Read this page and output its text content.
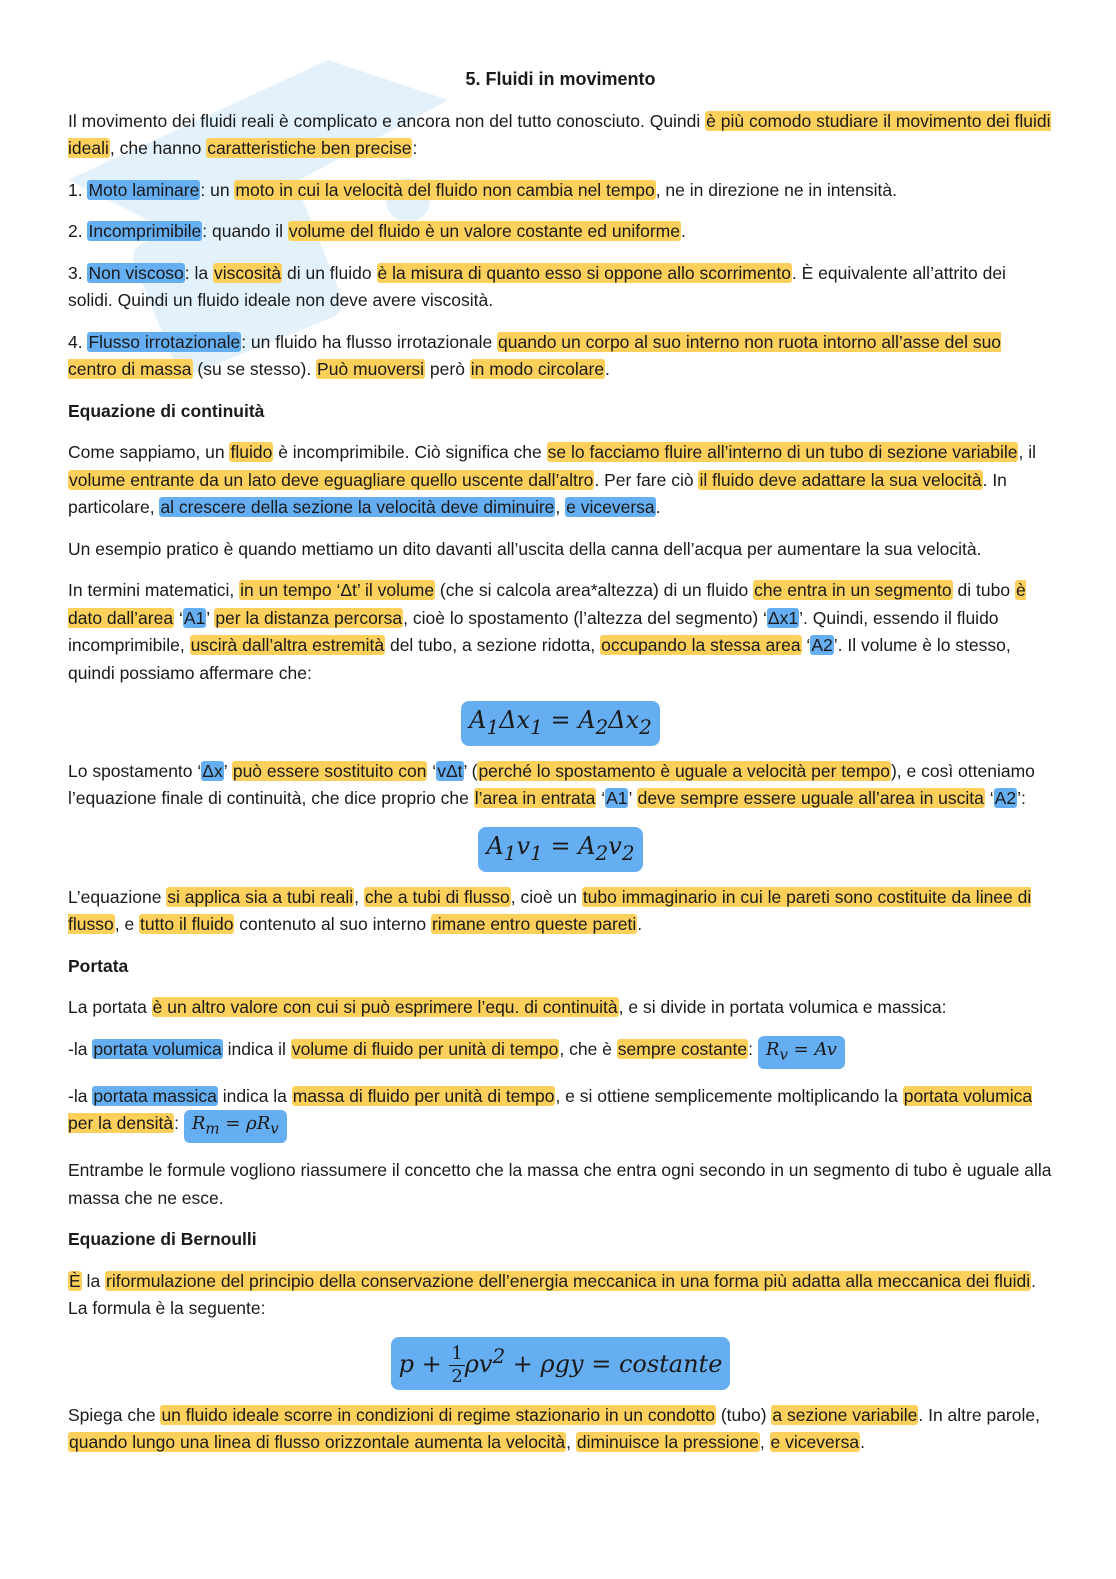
5. Fluidi in movimento

Il movimento dei fluidi reali è complicato e ancora non del tutto conosciuto. Quindi è più comodo studiare il movimento dei fluidi ideali, che hanno caratteristiche ben precise:

1. Moto laminare: un moto in cui la velocità del fluido non cambia nel tempo, ne in direzione ne in intensità.

2. Incomprimibile: quando il volume del fluido è un valore costante ed uniforme.

3. Non viscoso: la viscosità di un fluido è la misura di quanto esso si oppone allo scorrimento. È equivalente all’attrito dei solidi. Quindi un fluido ideale non deve avere viscosità.

4. Flusso irrotazionale: un fluido ha flusso irrotazionale quando un corpo al suo interno non ruota intorno all’asse del suo centro di massa (su se stesso). Può muoversi però in modo circolare.

Equazione di continuità

Come sappiamo, un fluido è incomprimibile. Ciò significa che se lo facciamo fluire all’interno di un tubo di sezione variabile, il volume entrante da un lato deve eguagliare quello uscente dall’altro. Per fare ciò il fluido deve adattare la sua velocità. In particolare, al crescere della sezione la velocità deve diminuire, e viceversa.

Un esempio pratico è quando mettiamo un dito davanti all’uscita della canna dell’acqua per aumentare la sua velocità.

In termini matematici, in un tempo ‘Δt’ il volume (che si calcola area*altezza) di un fluido che entra in un segmento di tubo è dato dall’area ‘A1’ per la distanza percorsa, cioè lo spostamento (l’altezza del segmento) ‘Δx1’. Quindi, essendo il fluido incomprimibile, uscirà dall’altra estremità del tubo, a sezione ridotta, occupando la stessa area ‘A2’. Il volume è lo stesso, quindi possiamo affermare che:

$A_1\Delta x_1 = A_2\Delta x_2$

Lo spostamento ‘Δx’ può essere sostituito con ‘vΔt’ (perché lo spostamento è uguale a velocità per tempo), e così otteniamo l’equazione finale di continuità, che dice proprio che l’area in entrata ‘A1’ deve sempre essere uguale all’area in uscita ‘A2’:

$A_1v_1 = A_2v_2$

L’equazione si applica sia a tubi reali, che a tubi di flusso, cioè un tubo immaginario in cui le pareti sono costituite da linee di flusso, e tutto il fluido contenuto al suo interno rimane entro queste pareti.

Portata

La portata è un altro valore con cui si può esprimere l’equ. di continuità, e si divide in portata volumica e massica:

-la portata volumica indica il volume di fluido per unità di tempo, che è sempre costante: $R_v = Av$

-la portata massica indica la massa di fluido per unità di tempo, e si ottiene semplicemente moltiplicando la portata volumica per la densità: $R_m = \rho R_v$

Entrambe le formule vogliono riassumere il concetto che la massa che entra ogni secondo in un segmento di tubo è uguale alla massa che ne esce.

Equazione di Bernoulli

È la riformulazione del principio della conservazione dell’energia meccanica in una forma più adatta alla meccanica dei fluidi. La formula è la seguente:

$p + \frac{1}{2} \rho v^2 + \rho gy$ = costante

Spiega che un fluido ideale scorre in condizioni di regime stazionario in un condotto (tubo) a sezione variabile. In altre parole, quando lungo una linea di flusso orizzontale aumenta la velocità, diminuisce la pressione, e viceversa.
